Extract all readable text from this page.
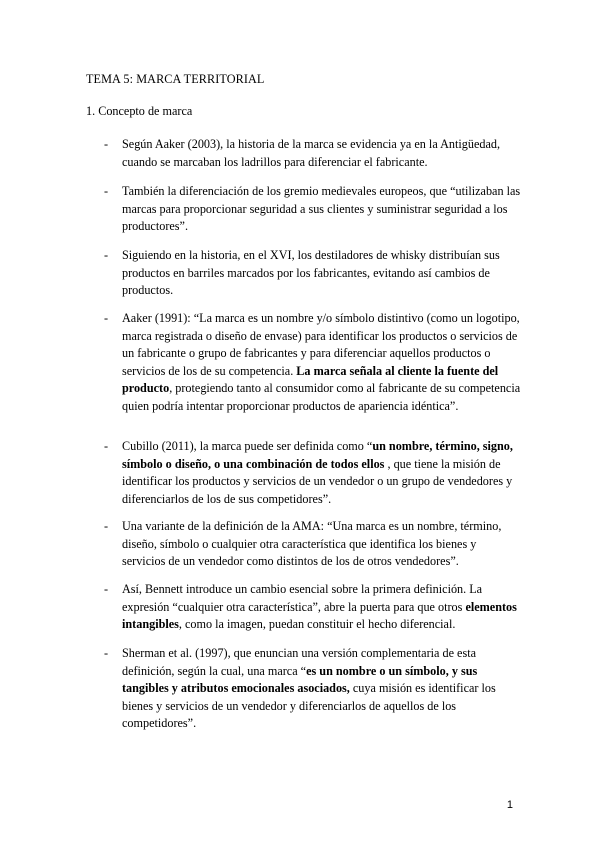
TEMA 5: MARCA TERRITORIAL
1. Concepto de marca
-	Según Aaker (2003), la historia de la marca se evidencia ya en la Antigüedad, cuando se marcaban los ladrillos para diferenciar el fabricante.
-	También la diferenciación de los gremio medievales europeos, que “utilizaban las marcas para proporcionar seguridad a sus clientes y suministrar seguridad a los productores”.
-	Siguiendo en la historia, en el XVI, los destiladores de whisky distribuían sus productos en barriles marcados por los fabricantes, evitando así cambios de productos.
-	Aaker (1991): “La marca es un nombre y/o símbolo distintivo (como un logotipo, marca registrada o diseño de envase) para identificar los productos o servicios de un fabricante o grupo de fabricantes y para diferenciar aquellos productos o servicios de los de su competencia. La marca señala al cliente la fuente del producto, protegiendo tanto al consumidor como al fabricante de su competencia quien podría intentar proporcionar productos de apariencia idéntica”.
-	Cubillo (2011), la marca puede ser definida como “un nombre, término, signo, símbolo o diseño, o una combinación de todos ellos , que tiene la misión de identificar los productos y servicios de un vendedor o un grupo de vendedores y diferenciarlos de los de sus competidores”.
-	Una variante de la definición de la AMA: “Una marca es un nombre, término, diseño, símbolo o cualquier otra característica que identifica los bienes y servicios de un vendedor como distintos de los de otros vendedores”.
-	Así, Bennett introduce un cambio esencial sobre la primera definición. La expresión “cualquier otra característica”, abre la puerta para que otros elementos intangibles, como la imagen, puedan constituir el hecho diferencial.
-	Sherman et al. (1997), que enuncian una versión complementaria de esta definición, según la cual, una marca “es un nombre o un símbolo, y sus tangibles y atributos emocionales asociados, cuya misión es identificar los bienes y servicios de un vendedor y diferenciarlos de aquellos de los competidores”.
1
